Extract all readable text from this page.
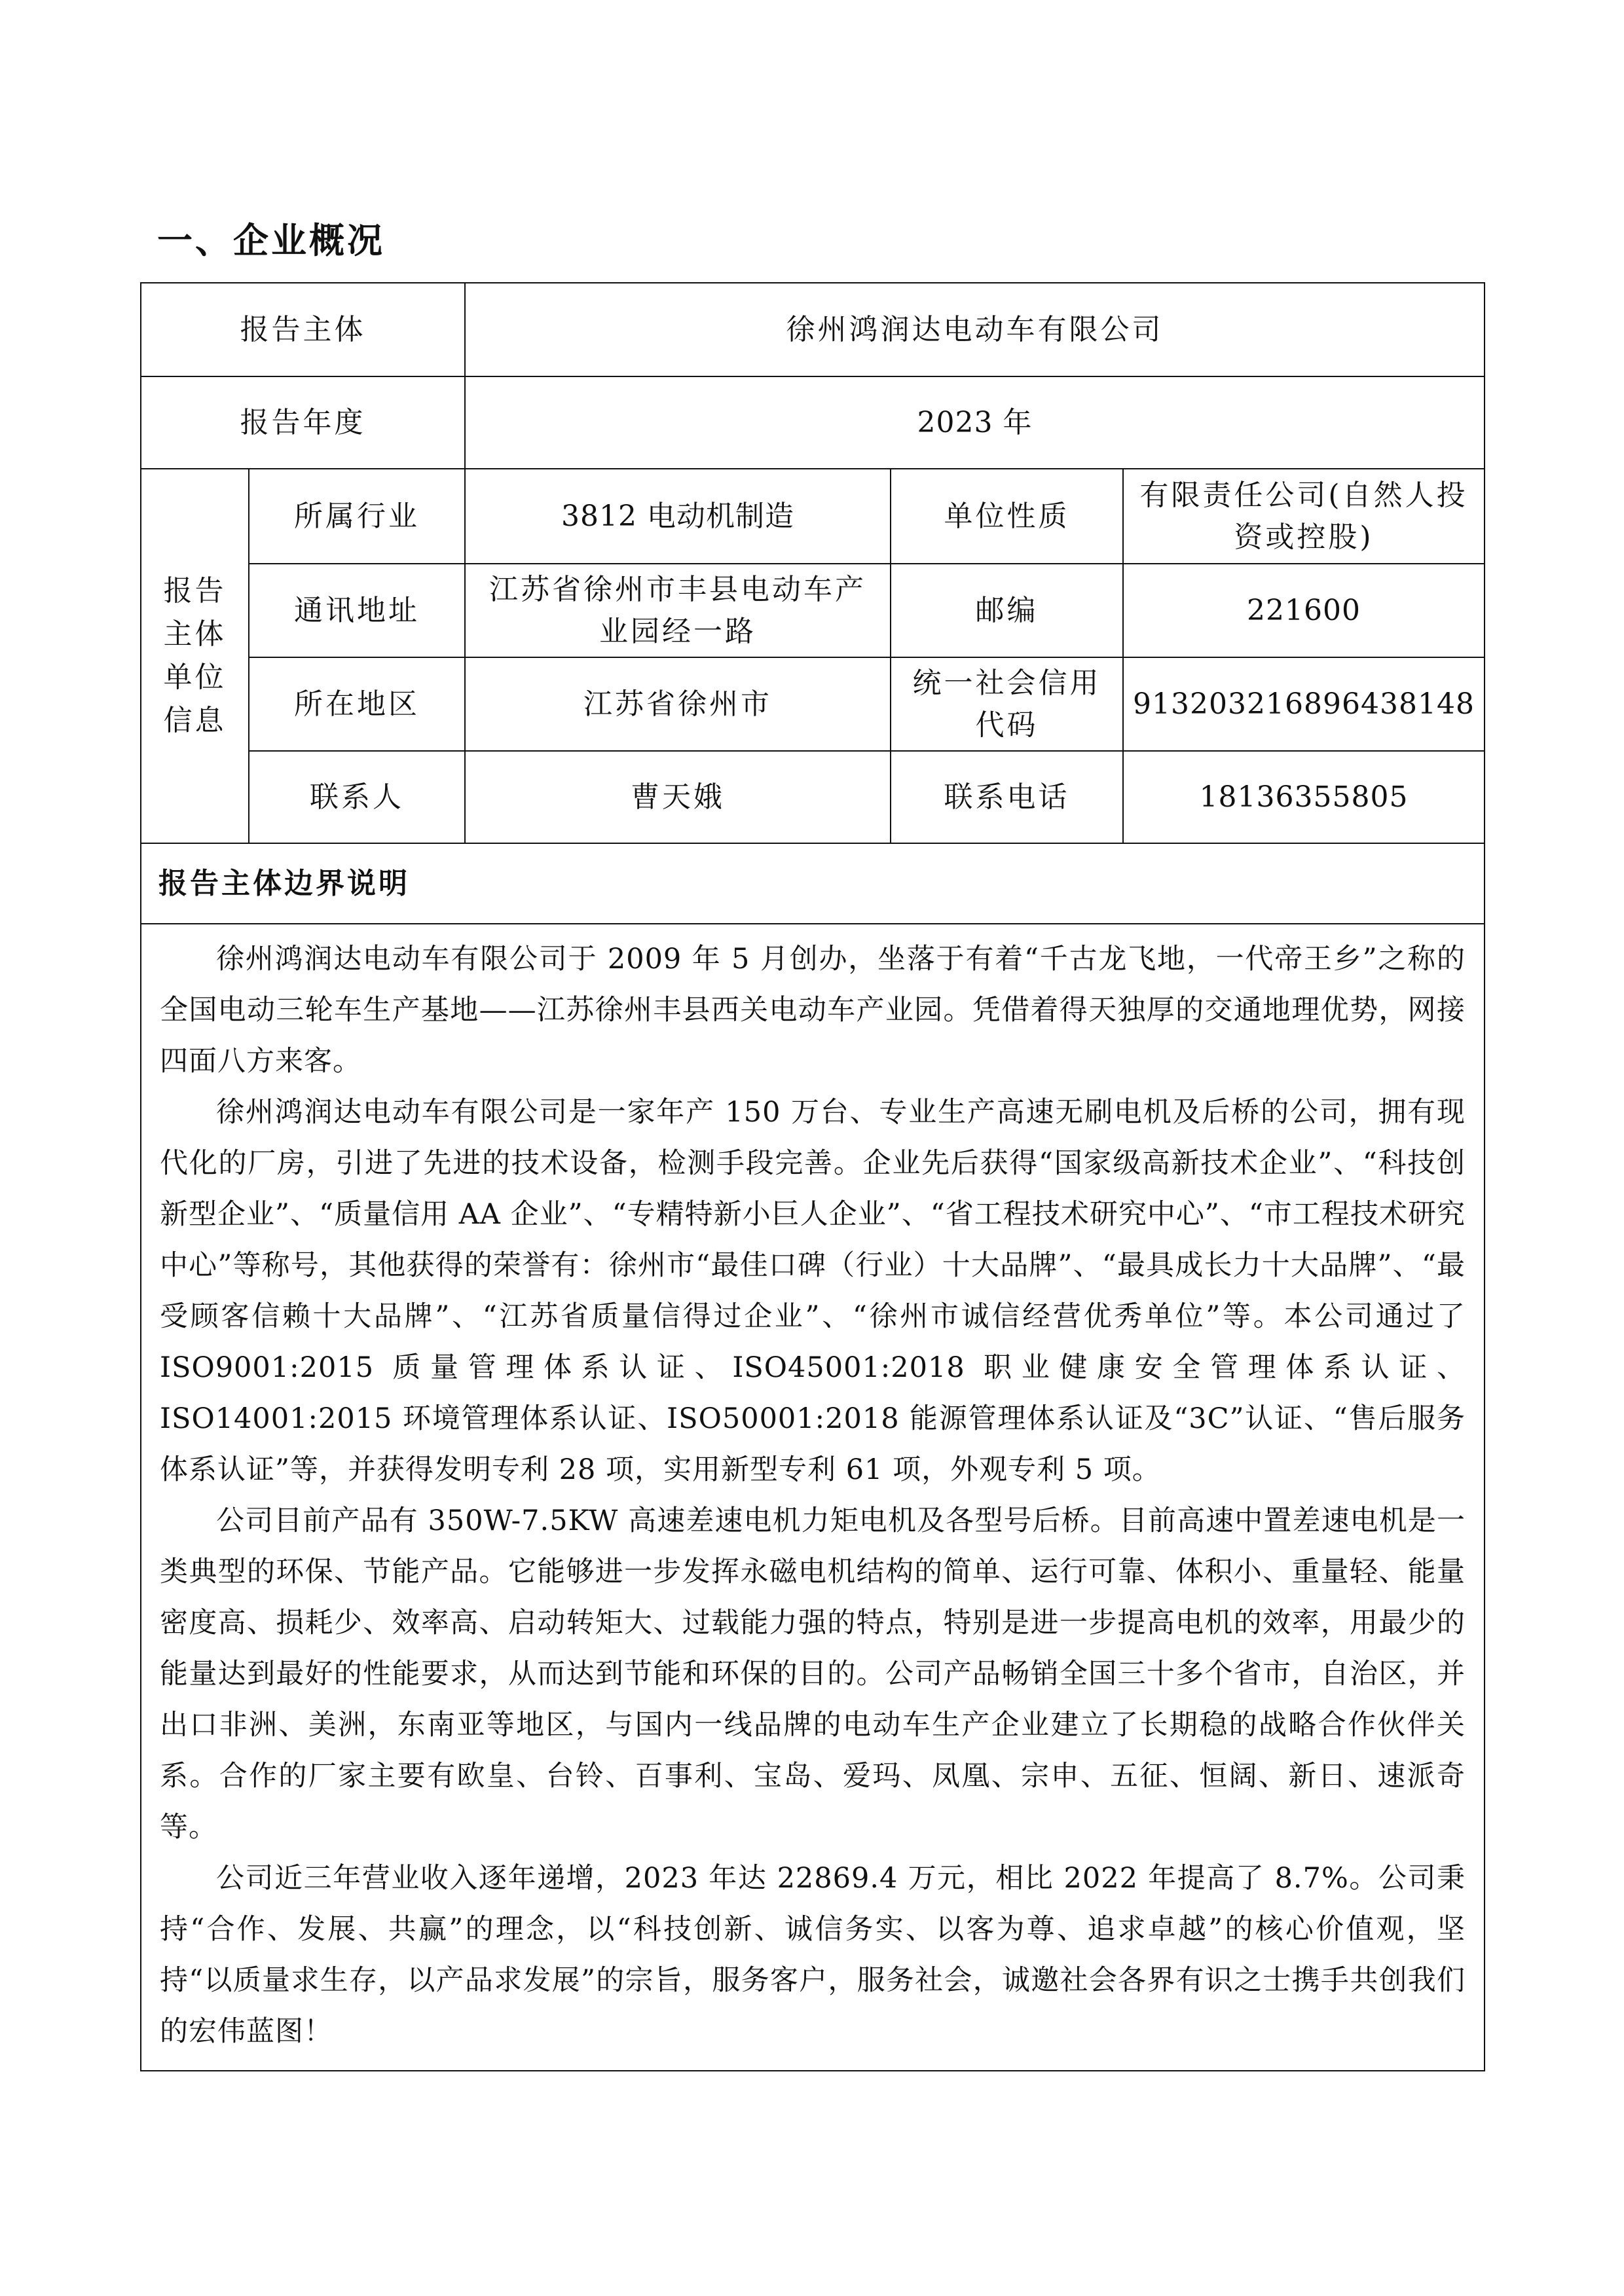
一、企业概况
报告主体		徐州鸿润达电动车有限公司		
报告年度		2023 年		

报告
主体
单位
信息	所属行业	3812 电动机制造	单位性质	有限责任公司(自然人投资或控股)
	通讯地址	江苏省徐州市丰县电动车产业园经一路	邮编	221600
	所在地区	江苏省徐州市	统一社会信用代码	91320321689643814​8
	联系人	曹天娥	联系电话	18136355805
报告主体边界说明				

徐州鸿润达电动车有限公司于 2009 年 5 月创办，坐落于有着“千古龙飞地，一代帝王乡”之称的全国电动三轮车生产基地——江苏徐州丰县西关电动车产业园。凭借着得天独厚的交通地理优势，网接四面八方来客。

徐州鸿润达电动车有限公司是一家年产 150 万台、专业生产高速无刷电机及后桥的公司，拥有现代化的厂房，引进了先进的技术设备，检测手段完善。企业先后获得“国家级高新技术企业”、“科技创新型企业”、“质量信用 AA 企业”、“专精特新小巨人企业”、“省工程技术研究中心”、“市工程技术研究中心”等称号，其他获得的荣誉有：徐州市“最佳口碑（行业）十大品牌”、“最具成长力十大品牌”、“最受顾客信赖十大品牌”、“江苏省质量信得过企业”、“徐州市诚信经营优秀单位”等。本公司通过了 ISO9001:2015 质量管理体系认证、ISO45001:2018 职业健康安全管理体系认证、ISO14001:2015 环境管理体系认证、ISO50001:2018 能源管理体系认证及“3C”认证、“售后服务体系认证”等，并获得发明专利 28 项，实用新型专利 61 项，外观专利 5 项。

公司目前产品有 350W-7.5KW 高速差速电机力矩电机及各型号后桥。目前高速中置差速电机是一类典型的环保、节能产品。它能够进一步发挥永磁电机结构的简单、运行可靠、体积小、重量轻、能量密度高、损耗少、效率高、启动转矩大、过载能力强的特点，特别是进一步提高电机的效率，用最少的能量达到最好的性能要求，从而达到节能和环保的目的。公司产品畅销全国三十多个省市，自治区，并出口非洲、美洲，东南亚等地区，与国内一线品牌的电动车生产企业建立了长期稳的战略合作伙伴关系。合作的厂家主要有欧皇、台铃、百事利、宝岛、爱玛、凤凰、宗申、五征、恒阔、新日、速派奇等。

公司近三年营业收入逐年递增，2023 年达 22869.4 万元，相比 2022 年提高了 8.7%。公司秉持“合作、发展、共赢”的理念，以“科技创新、诚信务实、以客为尊、追求卓越”的核心价值观，坚持“以质量求生存，以产品求发展”的宗旨，服务客户，服务社会，诚邀社会各界有识之士携手共创我们的宏伟蓝图！				
